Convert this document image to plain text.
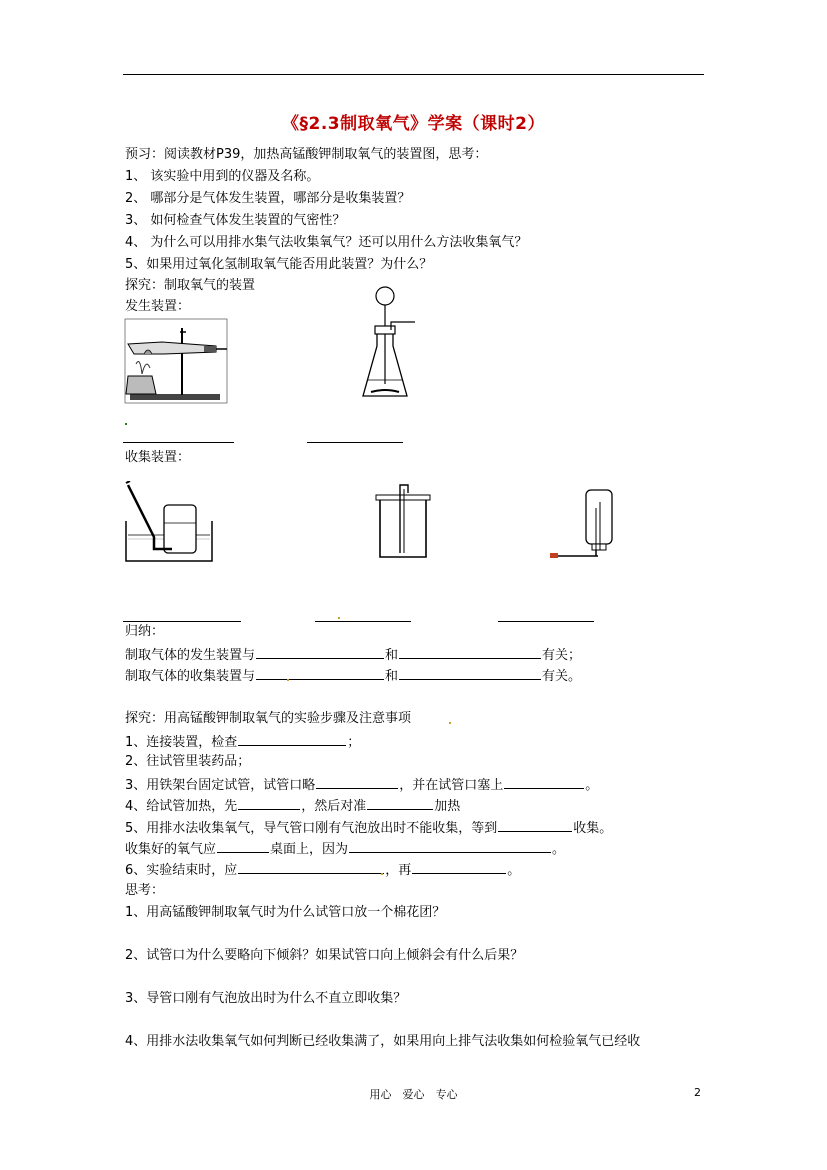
《§2.3制取氧气》学案（课时2）
预习：阅读教材P39，加热高锰酸钾制取氧气的装置图，思考：
1、 该实验中用到的仪器及名称。
2、 哪部分是气体发生装置，哪部分是收集装置？
3、 如何检查气体发生装置的气密性？
4、 为什么可以用排水集气法收集氧气？还可以用什么方法收集氧气？
5、如果用过氧化氢制取氧气能否用此装置？为什么？
探究：制取氧气的装置
发生装置：
收集装置：
归纳：
制取气体的发生装置与	和	有关；
制取气体的收集装置与	和	有关。
探究：用高锰酸钾制取氧气的实验步骤及注意事项
1、连接装置，检查	；
2、往试管里装药品；
3、用铁架台固定试管，试管口略	，并在试管口塞上	。
4、给试管加热，先	，然后对准	加热
5、用排水法收集氧气，导气管口刚有气泡放出时不能收集，等到	收集。
收集好的氧气应	桌面上，因为	。
6、实验结束时，应	，再	。
思考：
1、用高锰酸钾制取氧气时为什么试管口放一个棉花团？
2、试管口为什么要略向下倾斜？如果试管口向上倾斜会有什么后果？
3、导管口刚有气泡放出时为什么不直立即收集？
4、用排水法收集氧气如何判断已经收集满了，如果用向上排气法收集如何检验氧气已经收
用心　爱心　专心	2
